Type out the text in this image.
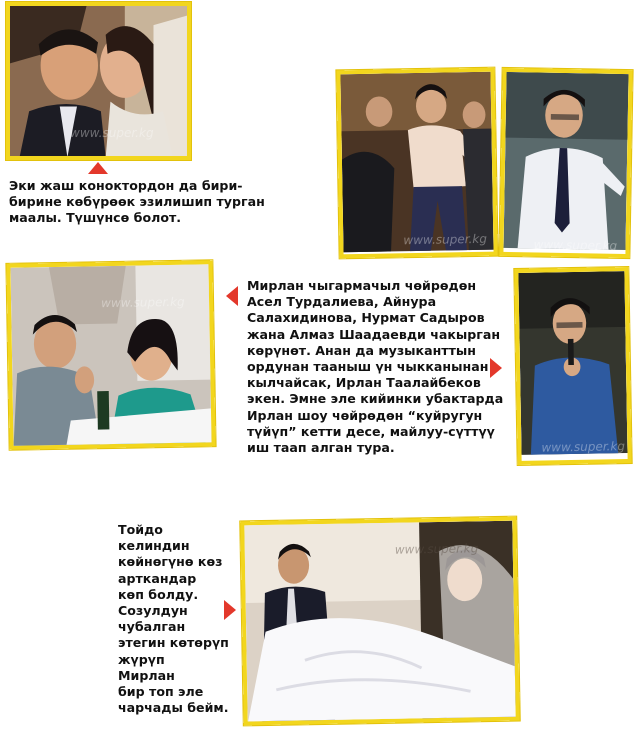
www.super.kg

Эки жаш коноктордон да бири-
бирине көбүрөөк эзилишип турган
маалы. Түшүнсө болот.

www.super.kg	www.super.kg
www.super.kg

Мирлан чыгармачыл чөйрөдөн
Асел Турдалиева, Айнура
Салахидинова, Нурмат Садыров
жана Алмаз Шаадаевди чакырган
көрүнөт. Анан да музыканттын
ордунан тааныш үн чыкканынан
кылчайсак, Ирлан Таалайбеков
экен. Эмне эле кийинки убактарда
Ирлан шоу чөйрөдөн “куйругун
түйүп” кетти десе, майлуу-сүттүү
иш таап алган тура.	www.super.kg

Тойдо
келиндин
көйнөгүнө көз
арткандар
көп болду.
Созулдун
чубалган
этегин көтөрүп
жүрүп
Мирлан
бир топ эле
чарчады бейм.

www.super.kg
